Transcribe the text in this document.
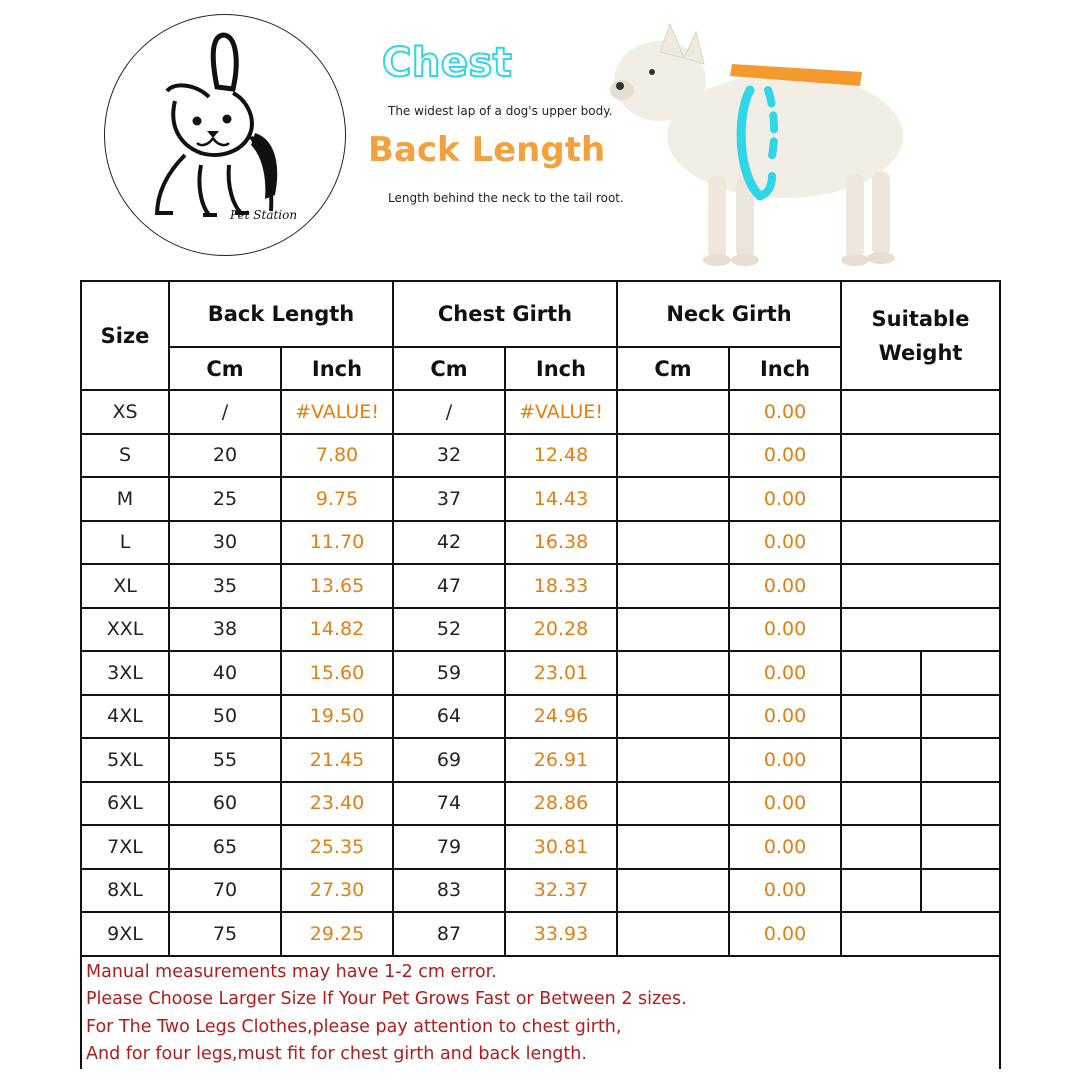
Pet Station
Chest
The widest lap of a dog's upper body.
Back Length
Length behind the neck to the tail root.
Size	Back Length		Chest Girth		Neck Girth		Suitable Weight
	Cm	Inch	Cm	Inch	Cm	Inch	
XS	/	#VALUE!	/	#VALUE!		0.00	
S	20	7.80	32	12.48		0.00	
M	25	9.75	37	14.43		0.00	
L	30	11.70	42	16.38		0.00	
XL	35	13.65	47	18.33		0.00	
XXL	38	14.82	52	20.28		0.00	
3XL	40	15.60	59	23.01		0.00	

4XL	50	19.50	64	24.96		0.00	

5XL	55	21.45	69	26.91		0.00	

6XL	60	23.40	74	28.86		0.00	

7XL	65	25.35	79	30.81		0.00	

8XL	70	27.30	83	32.37		0.00	

9XL	75	29.25	87	33.93		0.00	

Manual measurements may have 1-2 cm error.
Please Choose Larger Size If Your Pet Grows Fast or Between 2 sizes.
For The Two Legs Clothes,please pay attention to chest girth,
And for four legs,must fit for chest girth and back length.							
